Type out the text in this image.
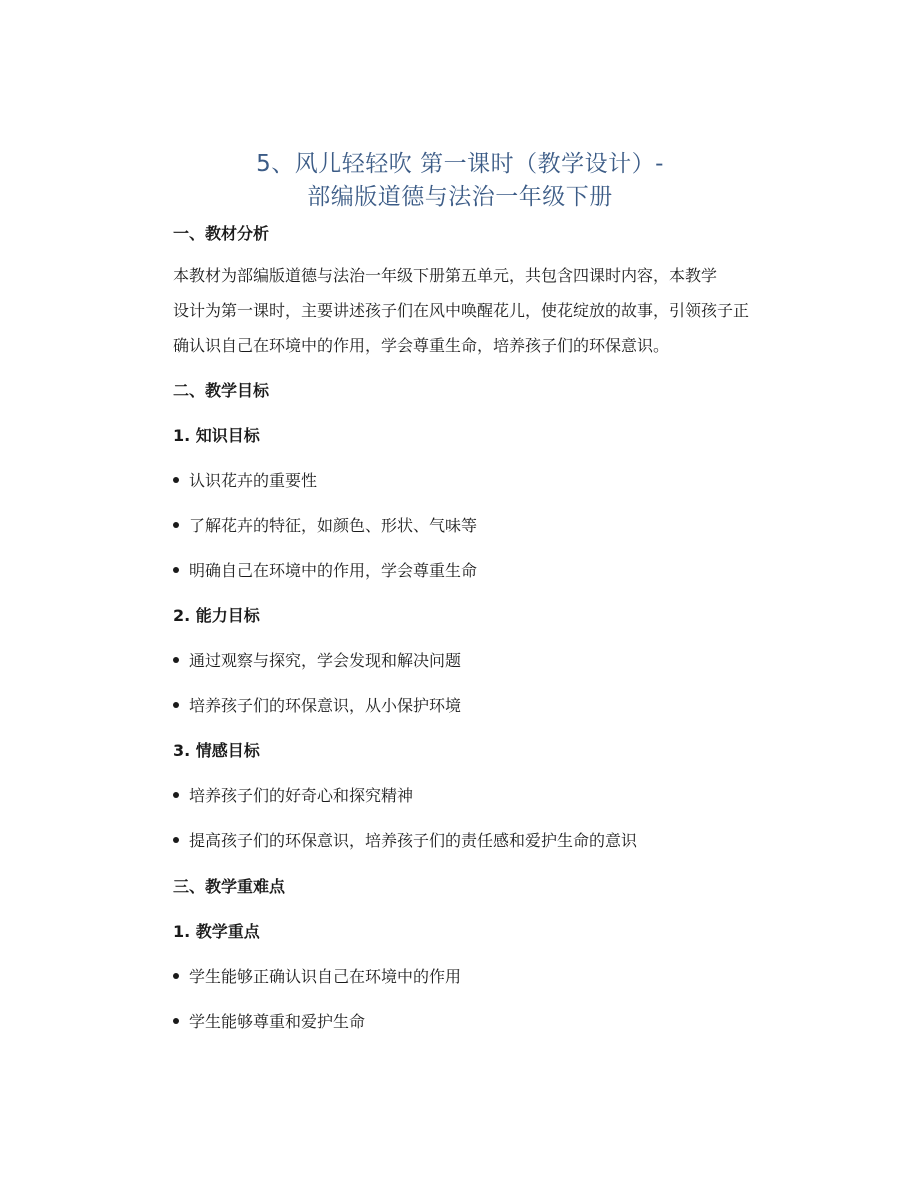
5、风儿轻轻吹 第一课时（教学设计）-
部编版道德与法治一年级下册
一、教材分析
本教材为部编版道德与法治一年级下册第五单元，共包含四课时内容，本教学
设计为第一课时，主要讲述孩子们在风中唤醒花儿，使花绽放的故事，引领孩子正
确认识自己在环境中的作用，学会尊重生命，培养孩子们的环保意识。
二、教学目标
1. 知识目标
认识花卉的重要性
了解花卉的特征，如颜色、形状、气味等
明确自己在环境中的作用，学会尊重生命
2. 能力目标
通过观察与探究，学会发现和解决问题
培养孩子们的环保意识，从小保护环境
3. 情感目标
培养孩子们的好奇心和探究精神
提高孩子们的环保意识，培养孩子们的责任感和爱护生命的意识
三、教学重难点
1. 教学重点
学生能够正确认识自己在环境中的作用
学生能够尊重和爱护生命
